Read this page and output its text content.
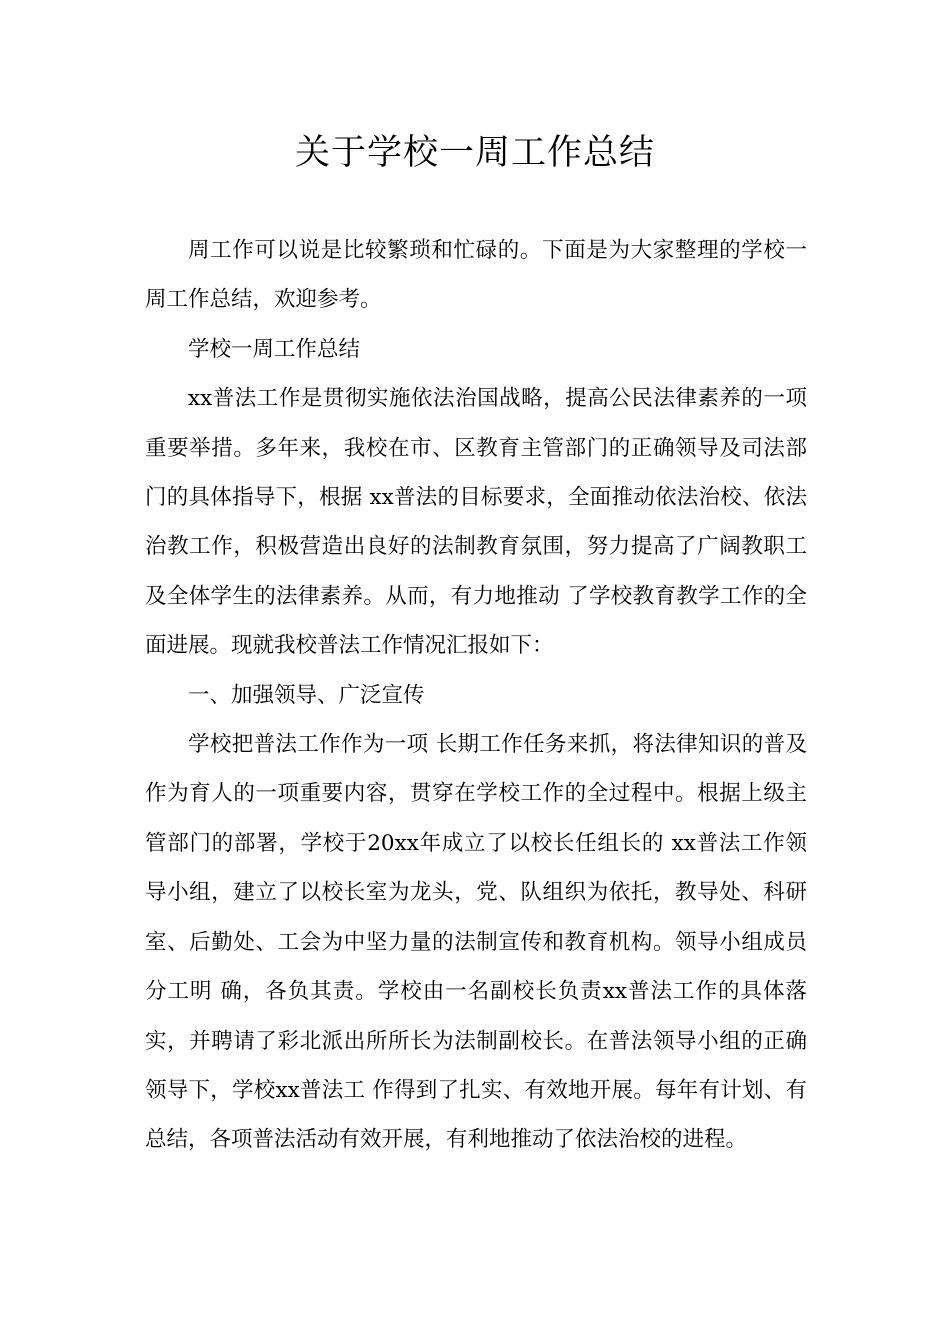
关于学校一周工作总结

周工作可以说是比较繁琐和忙碌的。下面是为大家整理的学校一周工作总结，欢迎参考。

学校一周工作总结

xx普法工作是贯彻实施依法治国战略，提高公民法律素养的一项重要举措。多年来，我校在市、区教育主管部门的正确领导及司法部门的具体指导下，根据 xx普法的目标要求，全面推动依法治校、依法治教工作，积极营造出良好的法制教育氛围，努力提高了广阔教职工及全体学生的法律素养。从而，有力地推动 了学校教育教学工作的全面进展。现就我校普法工作情况汇报如下：

一、加强领导、广泛宣传

学校把普法工作作为一项 长期工作任务来抓，将法律知识的普及作为育人的一项重要内容，贯穿在学校工作的全过程中。根据上级主管部门的部署，学校于20xx年成立了以校长任组长的 xx普法工作领导小组，建立了以校长室为龙头，党、队组织为依托，教导处、科研室、后勤处、工会为中坚力量的法制宣传和教育机构。领导小组成员分工明 确，各负其责。学校由一名副校长负责xx普法工作的具体落实，并聘请了彩北派出所所长为法制副校长。在普法领导小组的正确领导下，学校xx普法工 作得到了扎实、有效地开展。每年有计划、有总结，各项普法活动有效开展，有利地推动了依法治校的进程。
